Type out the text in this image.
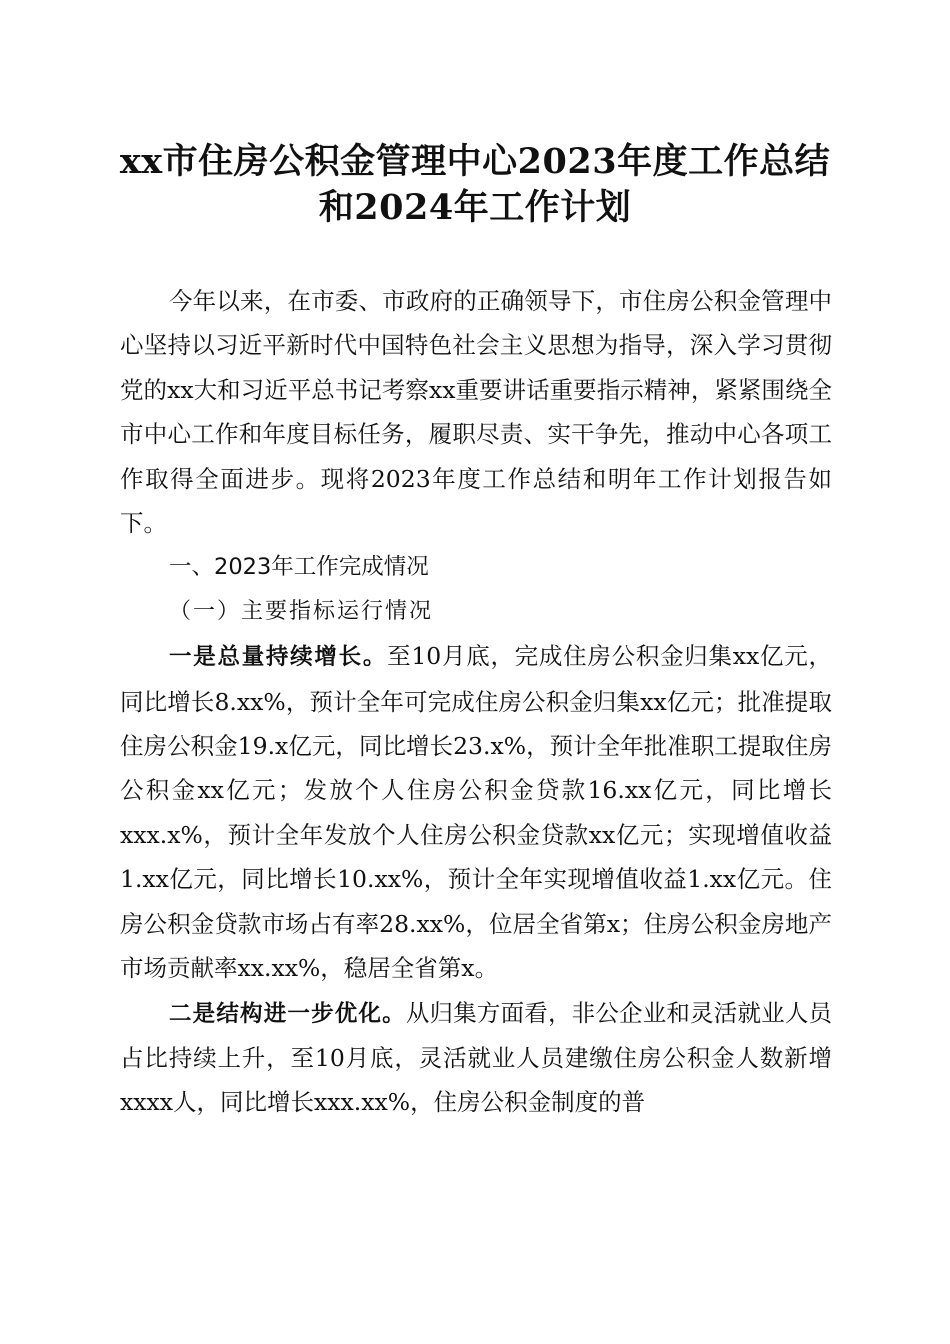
xx市住房公积金管理中心2023年度工作总结
和2024年工作计划

今年以来，在市委、市政府的正确领导下，市住房公积金管理中心坚持以习近平新时代中国特色社会主义思想为指导，深入学习贯彻党的xx大和习近平总书记考察xx重要讲话重要指示精神，紧紧围绕全市中心工作和年度目标任务，履职尽责、实干争先，推动中心各项工作取得全面进步。现将2023年度工作总结和明年工作计划报告如下。

一、2023年工作完成情况

（一）主要指标运行情况

一是总量持续增长。至10月底，完成住房公积金归集xx亿元，同比增长8.xx%，预计全年可完成住房公积金归集xx亿元；批准提取住房公积金19.x亿元，同比增长23.x%，预计全年批准职工提取住房公积金xx亿元；发放个人住房公积金贷款16.xx亿元，同比增长xxx.x%，预计全年发放个人住房公积金贷款xx亿元；实现增值收益1.xx亿元，同比增长10.xx%，预计全年实现增值收益1.xx亿元。住房公积金贷款市场占有率28.xx%，位居全省第x；住房公积金房地产市场贡献率xx.xx%，稳居全省第x。

二是结构进一步优化。从归集方面看，非公企业和灵活就业人员占比持续上升，至10月底，灵活就业人员建缴住房公积金人数新增xxxx人，同比增长xxx.xx%，住房公积金制度的普
